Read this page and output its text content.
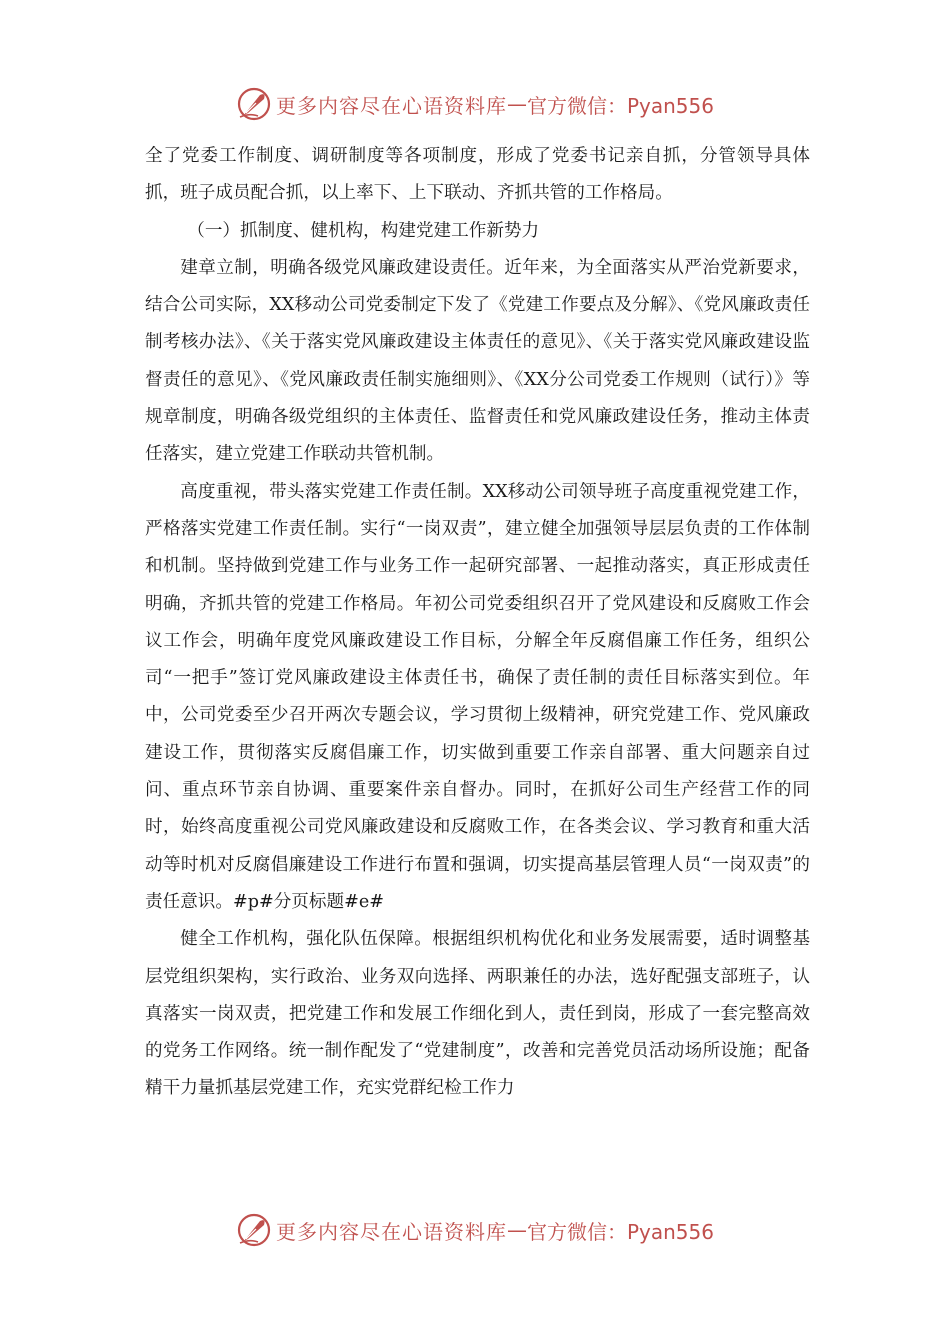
更多内容尽在心语资料库 — 官方微信：Pyan556

全了党委工作制度、调研制度等各项制度，形成了党委书记亲自抓，分管领导具体抓，班子成员配合抓，以上率下、上下联动、齐抓共管的工作格局。

（一）抓制度、健机构，构建党建工作新势力

建章立制，明确各级党风廉政建设责任。近年来，为全面落实从严治党新要求，结合公司实际，XX移动公司党委制定下发了《党建工作要点及分解》、《党风廉政责任制考核办法》、《关于落实党风廉政建设主体责任的意见》、《关于落实党风廉政建设监督责任的意见》、《党风廉政责任制实施细则》、《XX分公司党委工作规则（试行）》等规章制度，明确各级党组织的主体责任、监督责任和党风廉政建设任务，推动主体责任落实，建立党建工作联动共管机制。

高度重视，带头落实党建工作责任制。XX移动公司领导班子高度重视党建工作，严格落实党建工作责任制。实行“一岗双责”，建立健全加强领导层层负责的工作体制和机制。坚持做到党建工作与业务工作一起研究部署、一起推动落实，真正形成责任明确，齐抓共管的党建工作格局。年初公司党委组织召开了党风建设和反腐败工作会议工作会，明确年度党风廉政建设工作目标，分解全年反腐倡廉工作任务，组织公司“一把手”签订党风廉政建设主体责任书，确保了责任制的责任目标落实到位。年中，公司党委至少召开两次专题会议，学习贯彻上级精神，研究党建工作、党风廉政建设工作，贯彻落实反腐倡廉工作，切实做到重要工作亲自部署、重大问题亲自过问、重点环节亲自协调、重要案件亲自督办。同时，在抓好公司生产经营工作的同时，始终高度重视公司党风廉政建设和反腐败工作，在各类会议、学习教育和重大活动等时机对反腐倡廉建设工作进行布置和强调，切实提高基层管理人员“一岗双责”的责任意识。#p#分页标题#e#

健全工作机构，强化队伍保障。根据组织机构优化和业务发展需要，适时调整基层党组织架构，实行政治、业务双向选择、两职兼任的办法，选好配强支部班子，认真落实一岗双责，把党建工作和发展工作细化到人，责任到岗，形成了一套完整高效的党务工作网络。统一制作配发了“党建制度”，改善和完善党员活动场所设施；配备精干力量抓基层党建工作，充实党群纪检工作力

更多内容尽在心语资料库 — 官方微信：Pyan556
